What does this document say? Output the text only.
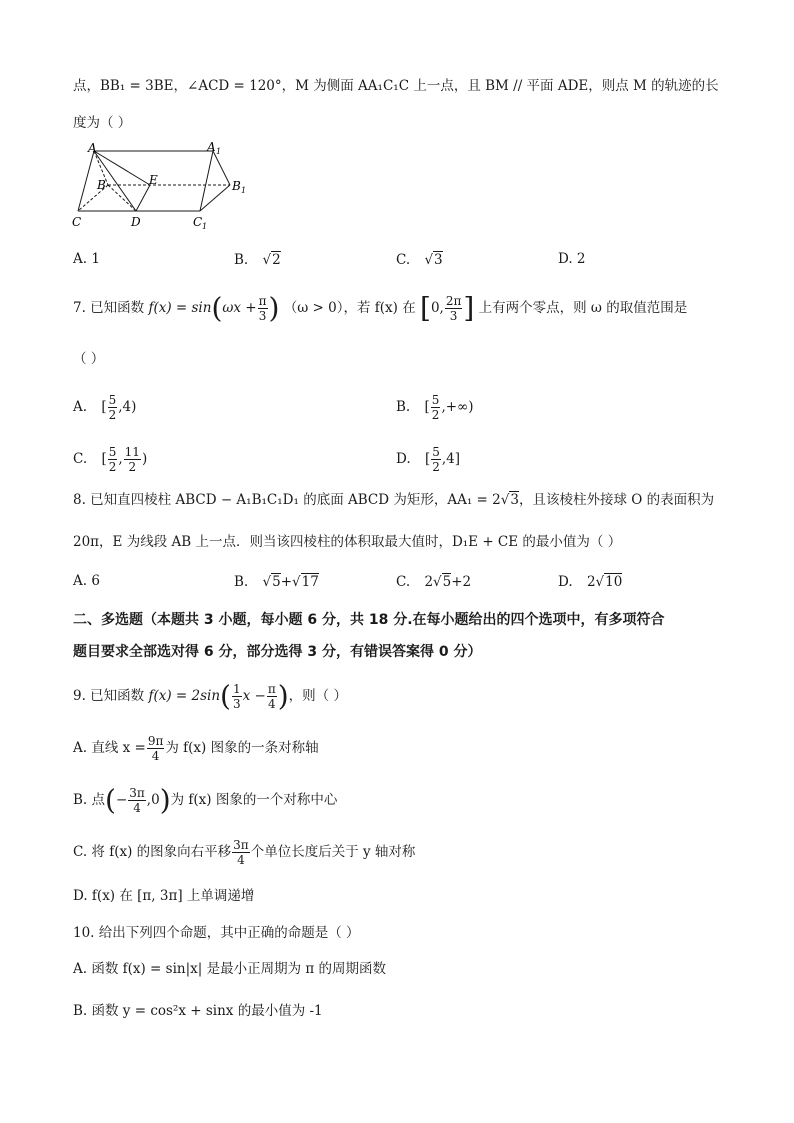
点，BB₁ = 3BE，∠ACD = 120°，M 为侧面 AA₁C₁C 上一点，且 BM // 平面 ADE，则点 M 的轨迹的长
度为（ ）
A	A 1
B	E	B 1
C	D	C 1
A. 1	B. √2	C. √3	D. 2
7. 已知函数 $f(x) = \sin(\omega x + \frac{\pi}{3}$ ) （ω > 0），若 f(x) 在 [0, $\frac{2\pi}{3}$ ] 上有两个零点，则 ω 的取值范围是
（ ）
A. [ $\frac{5}{2} ,4$)	B. [ $\frac{5}{2}$ ,+∞)
C. [ $\frac{5}{2}$ , $\frac{11}{2}$ )	D. [ $\frac{5}{2} ,4$]
8. 已知直四棱柱 ABCD − A₁B₁C₁D₁ 的底面 ABCD 为矩形，AA₁ = 2√3，且该棱柱外接球 O 的表面积为
20π，E 为线段 AB 上一点．则当该四棱柱的体积取最大值时，D₁E + CE 的最小值为（ ）
A. 6	B. √5+√17	C. 2√5+2	D. 2√10
二、多选题（本题共 3 小题，每小题 6 分，共 18 分.在每小题给出的四个选项中，有多项符合
题目要求全部选对得 6 分，部分选得 3 分，有错误答案得 0 分）
9. 已知函数 $f(x) = 2\sin( \frac{1}{3}$ $x - \frac{\pi}{4}$ )，则（ ）
A. 直线 $x = \frac{9\pi}{4}$ 为 f(x) 图象的一条对称轴
B. 点(− $\frac{3\pi}{4} ,0$)为 f(x) 图象的一个对称中心
C. 将 f(x) 的图象向右平移 $\frac{3\pi}{4}$ 个单位长度后关于 y 轴对称
D. f(x) 在 [π, 3π] 上单调递增
10. 给出下列四个命题，其中正确的命题是（ ）
A. 函数 f(x) = sin|x| 是最小正周期为 π 的周期函数
B. 函数 y = cos²x + sinx 的最小值为 -1
